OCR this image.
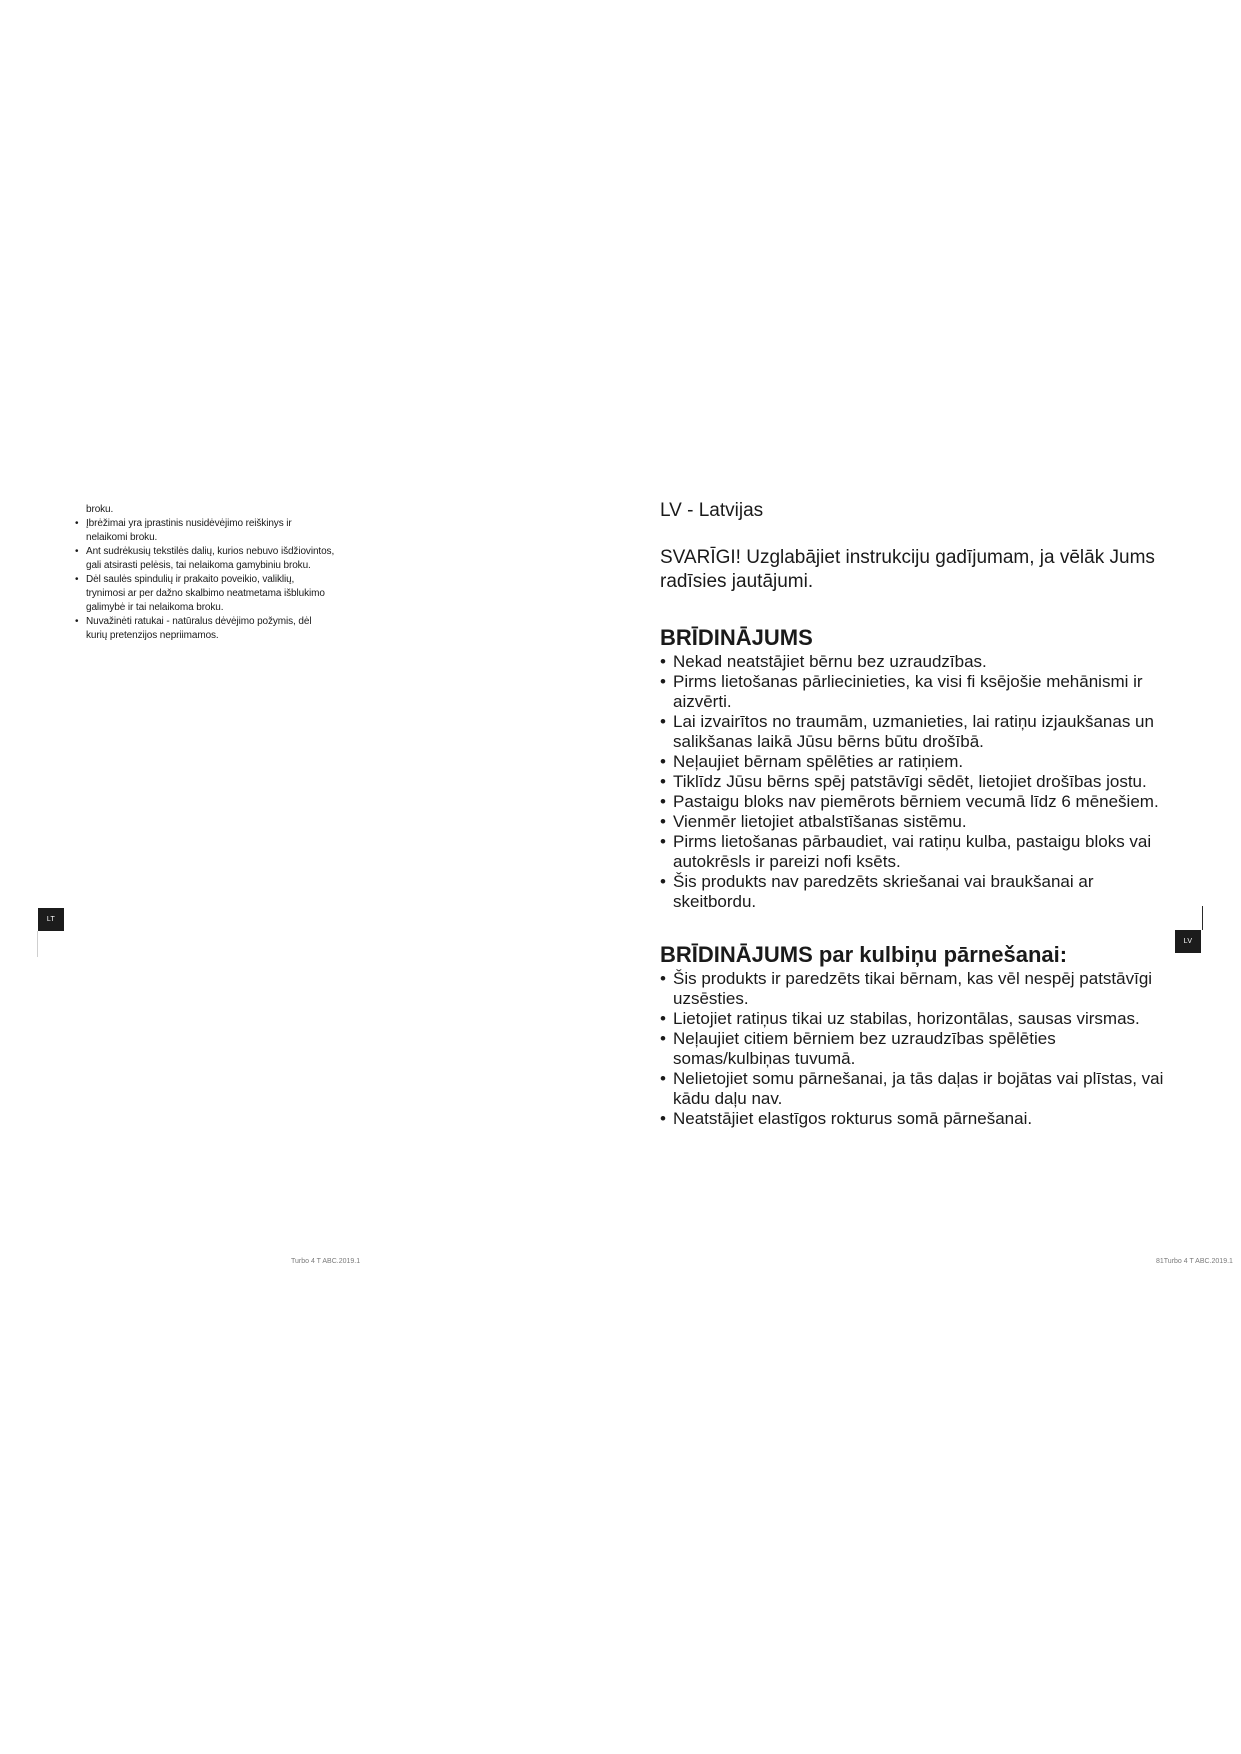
broku.

• Įbrėžimai yra įprastinis nusidėvėjimo reiškinys ir nelaikomi broku.
• Ant sudrėkusių tekstilės dalių, kurios nebuvo išdžiovintos, gali atsirasti pelėsis, tai nelaikoma gamybiniu broku.
• Dėl saulės spindulių ir prakaito poveikio, valiklių, trynimosi ar per dažno skalbimo neatmetama išblukimo galimybė ir tai nelaikoma broku.
• Nuvažinėti ratukai - natūralus dėvėjimo požymis, dėl kurių pretenzijos nepriimamos.
LT
Turbo 4 T ABC.2019.1
LV - Latvijas

SVARĪGI! Uzglabājiet instrukciju gadījumam, ja vēlāk Jums radīsies jautājumi.

BRĪDINĀJUMS
• Nekad neatstājiet bērnu bez uzraudzības.
• Pirms lietošanas pārliecinieties, ka visi fi ksējošie mehānismi ir aizvērti.
• Lai izvairītos no traumām, uzmanieties, lai ratiņu izjaukšanas un salikšanas laikā Jūsu bērns būtu drošībā.
• Neļaujiet bērnam spēlēties ar ratiņiem.
• Tiklīdz Jūsu bērns spēj patstāvīgi sēdēt, lietojiet drošības jostu.
• Pastaigu bloks nav piemērots bērniem vecumā līdz 6 mēnešiem.
• Vienmēr lietojiet atbalstīšanas sistēmu.
• Pirms lietošanas pārbaudiet, vai ratiņu kulba, pastaigu bloks vai autokrēsls ir pareizi nofi ksēts.
• Šis produkts nav paredzēts skriešanai vai braukšanai ar skeitbordu.
BRĪDINĀJUMS par kulbiņu pārnešanai:
• Šis produkts ir paredzēts tikai bērnam, kas vēl nespēj patstāvīgi uzsēsties.
• Lietojiet ratiņus tikai uz stabilas, horizontālas, sausas virsmas.
• Neļaujiet citiem bērniem bez uzraudzības spēlēties somas/kulbiņas tuvumā.
• Nelietojiet somu pārnešanai, ja tās daļas ir bojātas vai plīstas, vai kādu daļu nav.
• Neatstājiet elastīgos rokturus somā pārnešanai.
LV
81Turbo 4 T ABC.2019.1
